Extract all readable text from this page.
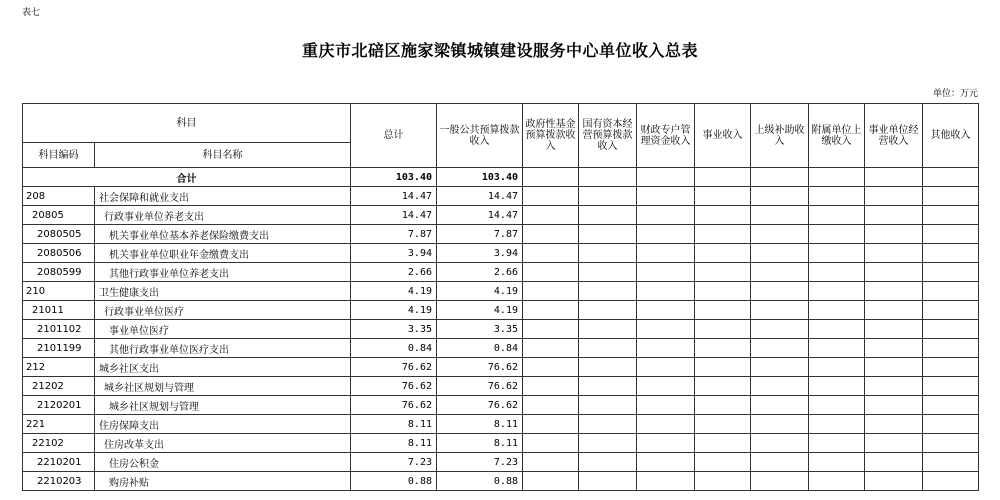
表七
重庆市北碚区施家梁镇城镇建设服务中心单位收入总表
单位：万元
科目		总计	一般公共预算拨款收入	政府性基金预算拨款收入	国有资本经营预算拨款收入	财政专户管理资金收入	事业收入	上级补助收入	附属单位上缴收入	事业单位经营收入	其他收入
科目编码	科目名称										
合计		103.40	103.40								
208	社会保障和就业支出	14.47	14.47								
20805	行政事业单位养老支出	14.47	14.47								
2080505	机关事业单位基本养老保险缴费支出	7.87	7.87								
2080506	机关事业单位职业年金缴费支出	3.94	3.94								
2080599	其他行政事业单位养老支出	2.66	2.66								
210	卫生健康支出	4.19	4.19								
21011	行政事业单位医疗	4.19	4.19								
2101102	事业单位医疗	3.35	3.35								
2101199	其他行政事业单位医疗支出	0.84	0.84								
212	城乡社区支出	76.62	76.62								
21202	城乡社区规划与管理	76.62	76.62								
2120201	城乡社区规划与管理	76.62	76.62								
221	住房保障支出	8.11	8.11								
22102	住房改革支出	8.11	8.11								
2210201	住房公积金	7.23	7.23								
2210203	购房补贴	0.88	0.88								
